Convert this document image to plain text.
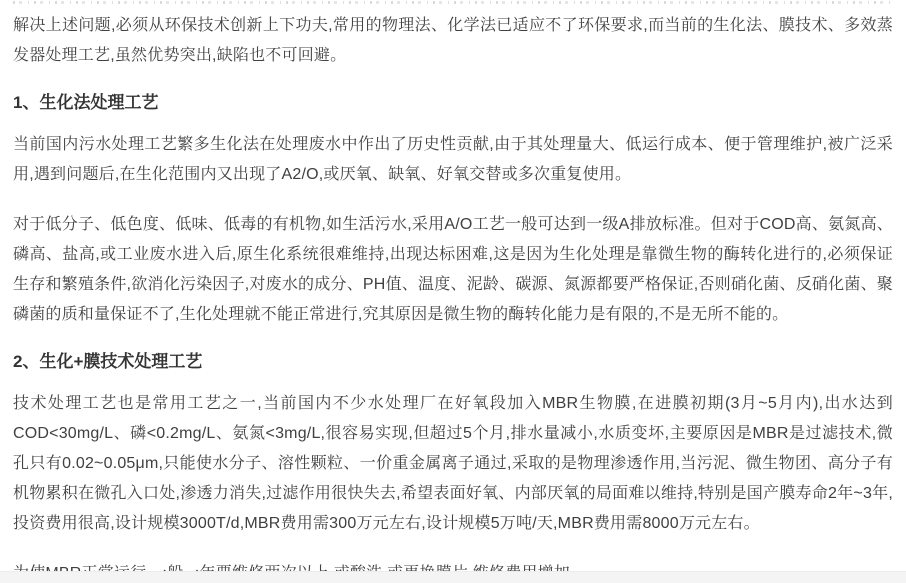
解决上述问题,必须从环保技术创新上下功夫,常用的物理法、化学法已适应不了环保要求,而当前的生化法、膜技术、多效蒸发器处理工艺,虽然优势突出,缺陷也不可回避。

1、生化法处理工艺

当前国内污水处理工艺繁多生化法在处理废水中作出了历史性贡献,由于其处理量大、低运行成本、便于管理维护,被广泛采用,遇到问题后,在生化范围内又出现了A2/O,或厌氧、缺氧、好氧交替或多次重复使用。

对于低分子、低色度、低味、低毒的有机物,如生活污水,采用A/O工艺一般可达到一级A排放标准。但对于COD高、氨氮高、磷高、盐高,或工业废水进入后,原生化系统很难维持,出现达标困难,这是因为生化处理是靠微生物的酶转化进行的,必须保证生存和繁殖条件,欲消化污染因子,对废水的成分、PH值、温度、泥龄、碳源、氮源都要严格保证,否则硝化菌、反硝化菌、聚磷菌的质和量保证不了,生化处理就不能正常进行,究其原因是微生物的酶转化能力是有限的,不是无所不能的。

2、生化+膜技术处理工艺

技术处理工艺也是常用工艺之一,当前国内不少水处理厂在好氧段加入MBR生物膜,在进膜初期(3月~5月内),出水达到COD<30mg/L、磷<0.2mg/L、氨氮<3mg/L,很容易实现,但超过5个月,排水量减小,水质变坏,主要原因是MBR是过滤技术,微孔只有0.02~0.05μm,只能使水分子、溶性颗粒、一价重金属离子通过,采取的是物理渗透作用,当污泥、微生物团、高分子有机物累积在微孔入口处,渗透力消失,过滤作用很快失去,希望表面好氧、内部厌氧的局面难以维持,特别是国产膜寿命2年~3年,投资费用很高,设计规模3000T/d,MBR费用需300万元左右,设计规模5万吨/天,MBR费用需8000万元左右。
